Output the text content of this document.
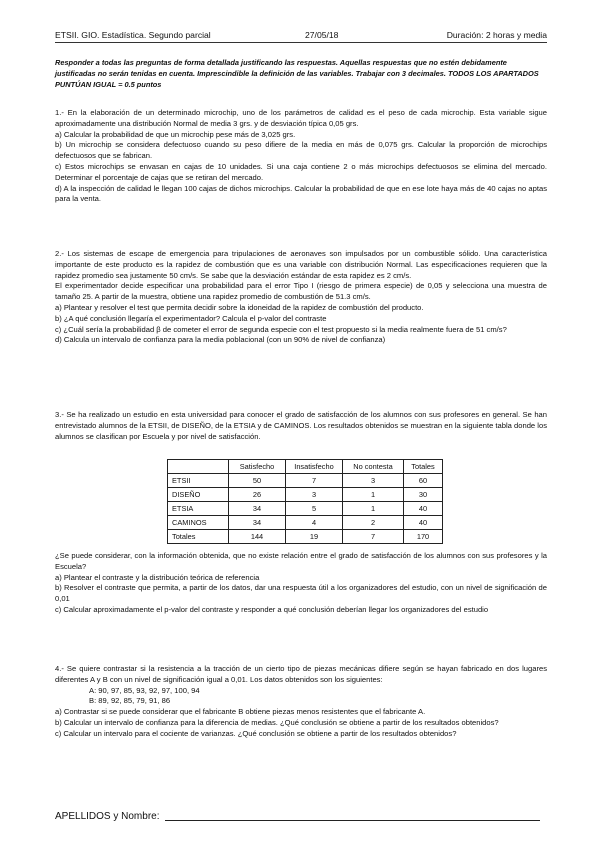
ETSII. GIO. Estadística. Segundo parcial	27/05/18	Duración: 2 horas y media
Responder a todas las preguntas de forma detallada justificando las respuestas. Aquellas respuestas que no estén debidamente justificadas no serán tenidas en cuenta. Imprescindible la definición de las variables. Trabajar con 3 decimales. TODOS LOS APARTADOS PUNTÚAN IGUAL = 0.5 puntos

1.- En la elaboración de un determinado microchip, uno de los parámetros de calidad es el peso de cada microchip. Esta variable sigue aproximadamente una distribución Normal de media 3 grs. y de desviación típica 0,05 grs.

a) Calcular la probabilidad de que un microchip pese más de 3,025 grs.

b) Un microchip se considera defectuoso cuando su peso difiere de la media en más de 0,075 grs. Calcular la proporción de microchips defectuosos que se fabrican.

c) Estos microchips se envasan en cajas de 10 unidades. Si una caja contiene 2 o más microchips defectuosos se elimina del mercado. Determinar el porcentaje de cajas que se retiran del mercado.

d) A la inspección de calidad le llegan 100 cajas de dichos microchips. Calcular la probabilidad de que en ese lote haya más de 40 cajas no aptas para la venta.

2.- Los sistemas de escape de emergencia para tripulaciones de aeronaves son impulsados por un combustible sólido. Una característica importante de este producto es la rapidez de combustión que es una variable con distribución Normal. Las especificaciones requieren que la rapidez promedio sea justamente 50 cm/s. Se sabe que la desviación estándar de esta rapidez es 2 cm/s.

El experimentador decide especificar una probabilidad para el error Tipo I (riesgo de primera especie) de 0,05 y selecciona una muestra de tamaño 25. A partir de la muestra, obtiene una rapidez promedio de combustión de 51.3 cm/s.

a) Plantear y resolver el test que permita decidir sobre la idoneidad de la rapidez de combustión del producto.

b) ¿A qué conclusión llegaría el experimentador? Calcula el p-valor del contraste

c) ¿Cuál sería la probabilidad β de cometer el error de segunda especie con el test propuesto si la media realmente fuera de 51 cm/s?

d) Calcula un intervalo de confianza para la media poblacional (con un 90% de nivel de confianza)

3.- Se ha realizado un estudio en esta universidad para conocer el grado de satisfacción de los alumnos con sus profesores en general. Se han entrevistado alumnos de la ETSII, de DISEÑO, de la ETSIA y de CAMINOS. Los resultados obtenidos se muestran en la siguiente tabla donde los alumnos se clasifican por Escuela y por nivel de satisfacción.

	Satisfecho	Insatisfecho	No contesta	Totales
ETSII	50	7	3	60
DISEÑO	26	3	1	30
ETSIA	34	5	1	40
CAMINOS	34	4	2	40
Totales	144	19	7	170

¿Se puede considerar, con la información obtenida, que no existe relación entre el grado de satisfacción de los alumnos con sus profesores y la Escuela?

a) Plantear el contraste y la distribución teórica de referencia

b) Resolver el contraste que permita, a partir de los datos, dar una respuesta útil a los organizadores del estudio, con un nivel de significación de 0,01

c) Calcular aproximadamente el p-valor del contraste y responder a qué conclusión deberían llegar los organizadores del estudio

4.- Se quiere contrastar si la resistencia a la tracción de un cierto tipo de piezas mecánicas difiere según se hayan fabricado en dos lugares diferentes A y B con un nivel de significación igual a 0,01. Los datos obtenidos son los siguientes:

A: 90, 97, 85, 93, 92, 97, 100, 94

B: 89, 92, 85, 79, 91, 86

a) Contrastar si se puede considerar que el fabricante B obtiene piezas menos resistentes que el fabricante A.

b) Calcular un intervalo de confianza para la diferencia de medias. ¿Qué conclusión se obtiene a partir de los resultados obtenidos?

c) Calcular un intervalo para el cociente de varianzas. ¿Qué conclusión se obtiene a partir de los resultados obtenidos?

APELLIDOS y Nombre:
